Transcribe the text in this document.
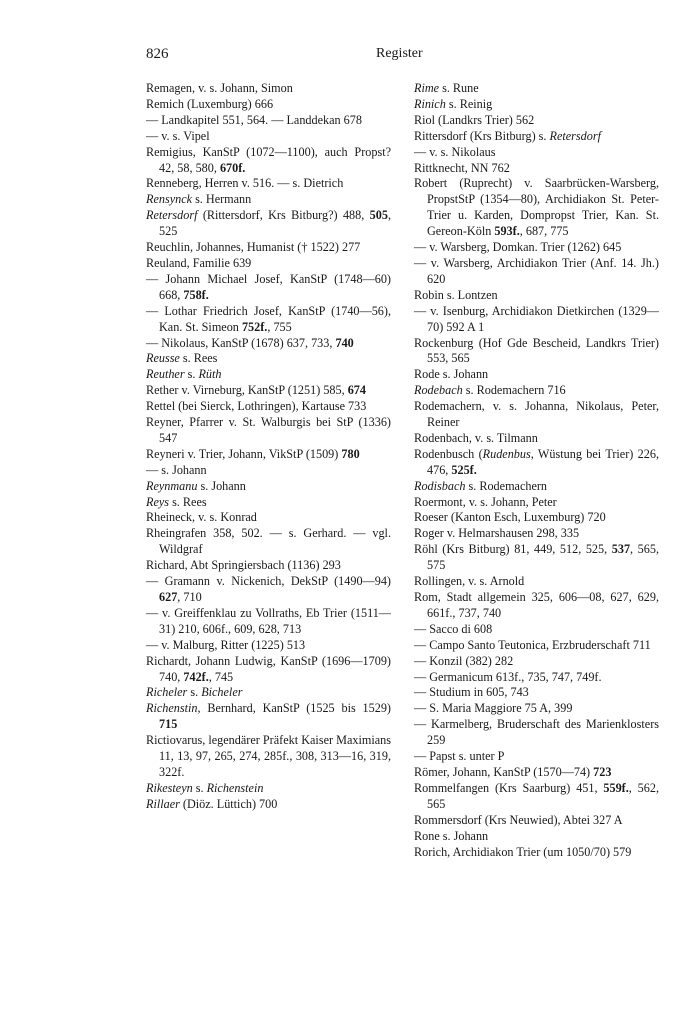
826	Register
Remagen, v. s. Johann, Simon
Remich (Luxemburg) 666
— Landkapitel 551, 564. — Landdekan 678
— v. s. Vipel
Remigius, KanStP (1072—1100), auch Propst? 42, 58, 580, 670f.
Renneberg, Herren v. 516. — s. Dietrich
Rensynck s. Hermann
Retersdorf (Rittersdorf, Krs Bitburg?) 488, 505, 525
Reuchlin, Johannes, Humanist († 1522) 277
Reuland, Familie 639
— Johann Michael Josef, KanStP (1748—60) 668, 758f.
— Lothar Friedrich Josef, KanStP (1740—56), Kan. St. Simeon 752f., 755
— Nikolaus, KanStP (1678) 637, 733, 740
Reusse s. Rees
Reuther s. Rüth
Rether v. Virneburg, KanStP (1251) 585, 674
Rettel (bei Sierck, Lothringen), Kartause 733
Reyner, Pfarrer v. St. Walburgis bei StP (1336) 547
Reyneri v. Trier, Johann, VikStP (1509) 780
— s. Johann
Reynmanu s. Johann
Reys s. Rees
Rheineck, v. s. Konrad
Rheingrafen 358, 502. — s. Gerhard. — vgl. Wildgraf
Richard, Abt Springiersbach (1136) 293
— Gramann v. Nickenich, DekStP (1490—94) 627, 710
— v. Greiffenklau zu Vollraths, Eb Trier (1511—31) 210, 606f., 609, 628, 713
— v. Malburg, Ritter (1225) 513
Richardt, Johann Ludwig, KanStP (1696—1709) 740, 742f., 745
Richeler s. Bicheler
Richenstin, Bernhard, KanStP (1525 bis 1529) 715
Rictiovarus, legendärer Präfekt Kaiser Maximians 11, 13, 97, 265, 274, 285f., 308, 313—16, 319, 322f.
Rikesteyn s. Richenstein
Rillaer (Diöz. Lüttich) 700
Rime s. Rune
Rinich s. Reinig
Riol (Landkrs Trier) 562
Rittersdorf (Krs Bitburg) s. Retersdorf
— v. s. Nikolaus
Rittknecht, NN 762
Robert (Ruprecht) v. Saarbrücken-Warsberg, PropstStP (1354—80), Archidiakon St. Peter-Trier u. Karden, Dompropst Trier, Kan. St. Gereon-Köln 593f., 687, 775
— v. Warsberg, Domkan. Trier (1262) 645
— v. Warsberg, Archidiakon Trier (Anf. 14. Jh.) 620
Robin s. Lontzen
— v. Isenburg, Archidiakon Dietkirchen (1329—70) 592 A 1
Rockenburg (Hof Gde Bescheid, Landkrs Trier) 553, 565
Rode s. Johann
Rodebach s. Rodemachern 716
Rodemachern, v. s. Johanna, Nikolaus, Peter, Reiner
Rodenbach, v. s. Tilmann
Rodenbusch (Rudenbus, Wüstung bei Trier) 226, 476, 525f.
Rodisbach s. Rodemachern
Roermont, v. s. Johann, Peter
Roeser (Kanton Esch, Luxemburg) 720
Roger v. Helmarshausen 298, 335
Röhl (Krs Bitburg) 81, 449, 512, 525, 537, 565, 575
Rollingen, v. s. Arnold
Rom, Stadt allgemein 325, 606—08, 627, 629, 661f., 737, 740
— Sacco di 608
— Campo Santo Teutonica, Erzbruderschaft 711
— Konzil (382) 282
— Germanicum 613f., 735, 747, 749f.
— Studium in 605, 743
— S. Maria Maggiore 75 A, 399
— Karmelberg, Bruderschaft des Marienklosters 259
— Papst s. unter P
Römer, Johann, KanStP (1570—74) 723
Rommelfangen (Krs Saarburg) 451, 559f., 562, 565
Rommersdorf (Krs Neuwied), Abtei 327 A
Rone s. Johann
Rorich, Archidiakon Trier (um 1050/70) 579
